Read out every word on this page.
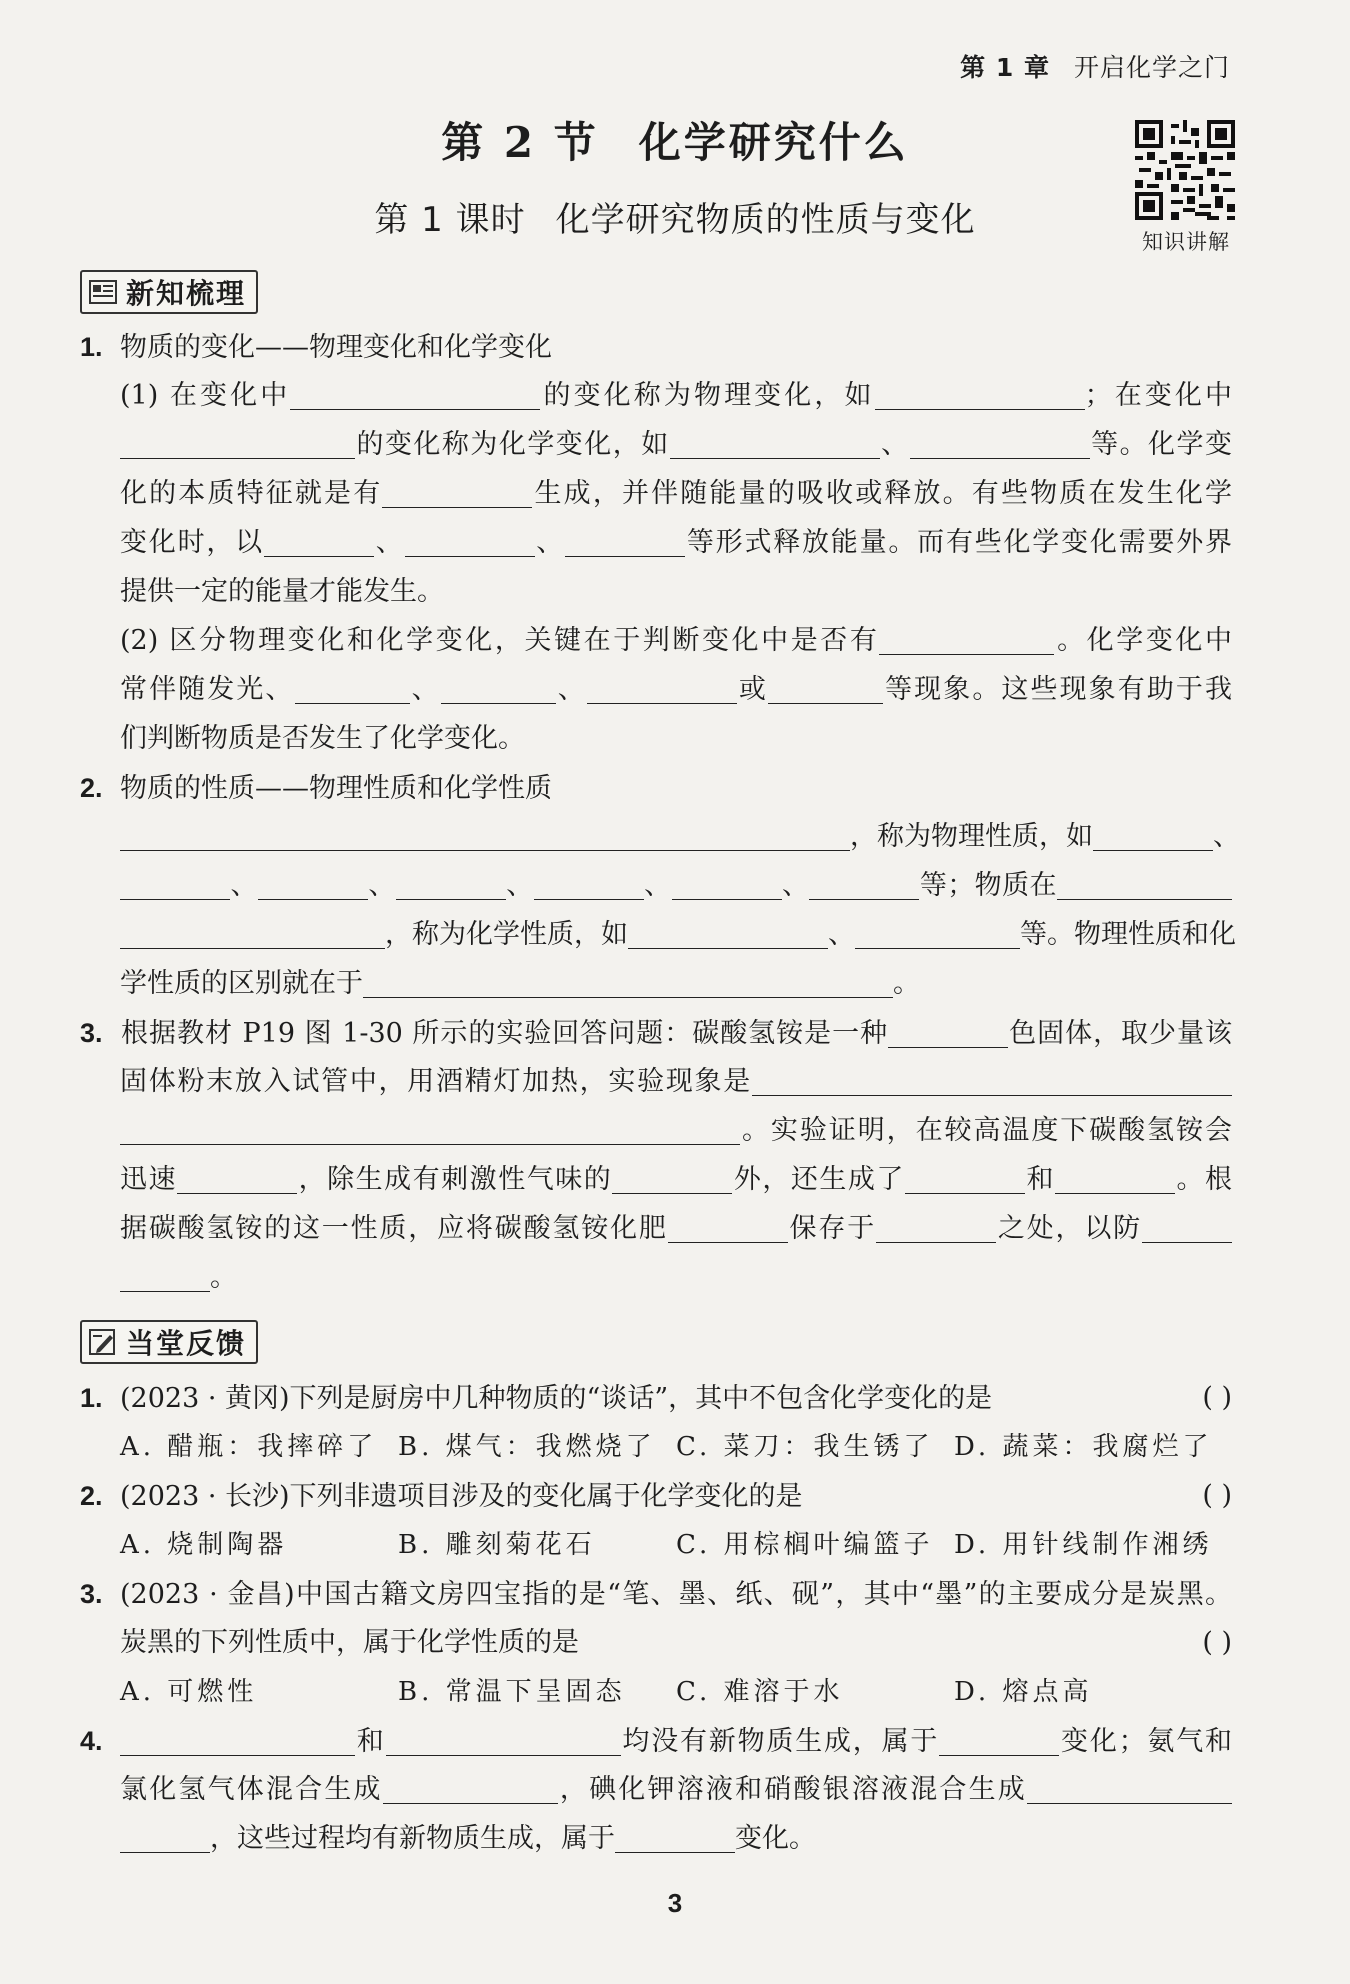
第 1 章 开启化学之门
第 2 节 化学研究什么
第 1 课时 化学研究物质的性质与变化
知识讲解
新知梳理
1. 物质的变化——物理变化和化学变化
(1) 在变化中	的变化称为物理变化，如	；在变化中
的变化称为化学变化，如	、	等。化学变
化的本质特征就是有	生成，并伴随能量的吸收或释放。有些物质在发生化学
变化时，以	、	、	等形式释放能量。而有些化学变化需要外界
提供一定的能量才能发生。
(2) 区分物理变化和化学变化，关键在于判断变化中是否有	。化学变化中
常伴随发光、	、	、	或	等现象。这些现象有助于我
们判断物质是否发生了化学变化。
2. 物质的性质——物理性质和化学性质
，称为物理性质，如	、
、	、	、	、	、	等；物质在
，称为化学性质，如	、	等。物理性质和化
学性质的区别就在于	。
3. 根据教材 P19 图 1-30 所示的实验回答问题：碳酸氢铵是一种	色固体，取少量该
固体粉末放入试管中，用酒精灯加热，实验现象是
。实验证明，在较高温度下碳酸氢铵会
迅速	，除生成有刺激性气味的	外，还生成了	和	。根
据碳酸氢铵的这一性质，应将碳酸氢铵化肥	保存于	之处，以防
。
当堂反馈
1. (2023 · 黄冈)下列是厨房中几种物质的“谈话”，其中不包含化学变化的是	( )
A. 醋瓶：我摔碎了 B. 煤气：我燃烧了 C. 菜刀：我生锈了 D. 蔬菜：我腐烂了
2. (2023 · 长沙)下列非遗项目涉及的变化属于化学变化的是	( )
A. 烧制陶器	B. 雕刻菊花石	C. 用棕榈叶编篮子 D. 用针线制作湘绣
3. (2023 · 金昌)中国古籍文房四宝指的是“笔、墨、纸、砚”，其中“墨”的主要成分是炭黑。
炭黑的下列性质中，属于化学性质的是	( )
A. 可燃性	B. 常温下呈固态 C. 难溶于水	D. 熔点高
4.	和	均没有新物质生成，属于	变化；氨气和
氯化氢气体混合生成	，碘化钾溶液和硝酸银溶液混合生成
，这些过程均有新物质生成，属于	变化。
3
